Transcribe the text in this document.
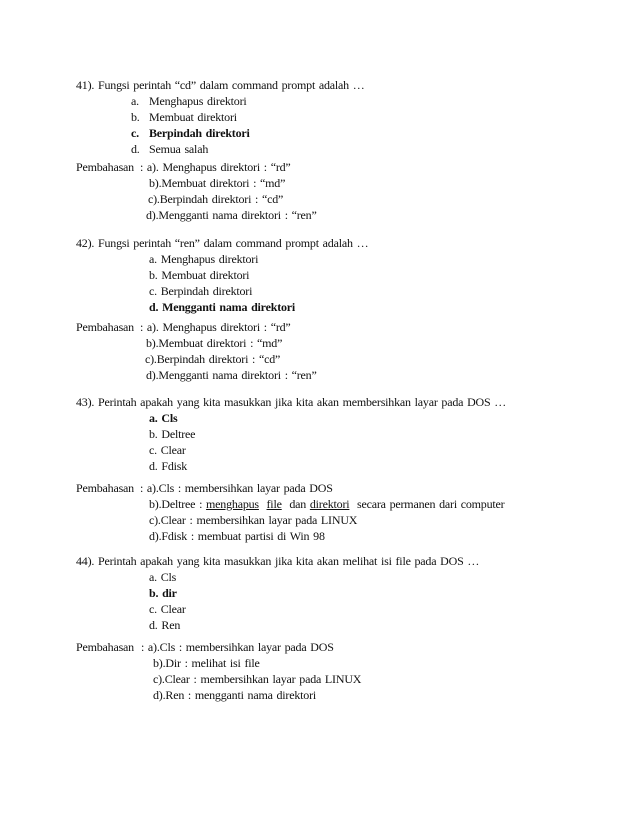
41). Fungsi perintah “cd” dalam command prompt adalah …
a. Menghapus direktori
b. Membuat direktori
c. Berpindah direktori
d. Semua salah
Pembahasan : a). Menghapus direktori : “rd”
b).Membuat direktori : “md”
c).Berpindah direktori : “cd”
d).Mengganti nama direktori : “ren”
42). Fungsi perintah “ren” dalam command prompt adalah …
a. Menghapus direktori
b. Membuat direktori
c. Berpindah direktori
d. Mengganti nama direktori
Pembahasan : a). Menghapus direktori : “rd”
b).Membuat direktori : “md”
c).Berpindah direktori : “cd”
d).Mengganti nama direktori : “ren”
43). Perintah apakah yang kita masukkan jika kita akan membersihkan layar pada DOS …
a. Cls
b. Deltree
c. Clear
d. Fdisk
Pembahasan : a).Cls : membersihkan layar pada DOS
b).Deltree : menghapus file dan direktori secara permanen dari computer
c).Clear : membersihkan layar pada LINUX
d).Fdisk : membuat partisi di Win 98
44). Perintah apakah yang kita masukkan jika kita akan melihat isi file pada DOS …
a. Cls
b. dir
c. Clear
d. Ren
Pembahasan : a).Cls : membersihkan layar pada DOS
b).Dir : melihat isi file
c).Clear : membersihkan layar pada LINUX
d).Ren : mengganti nama direktori
